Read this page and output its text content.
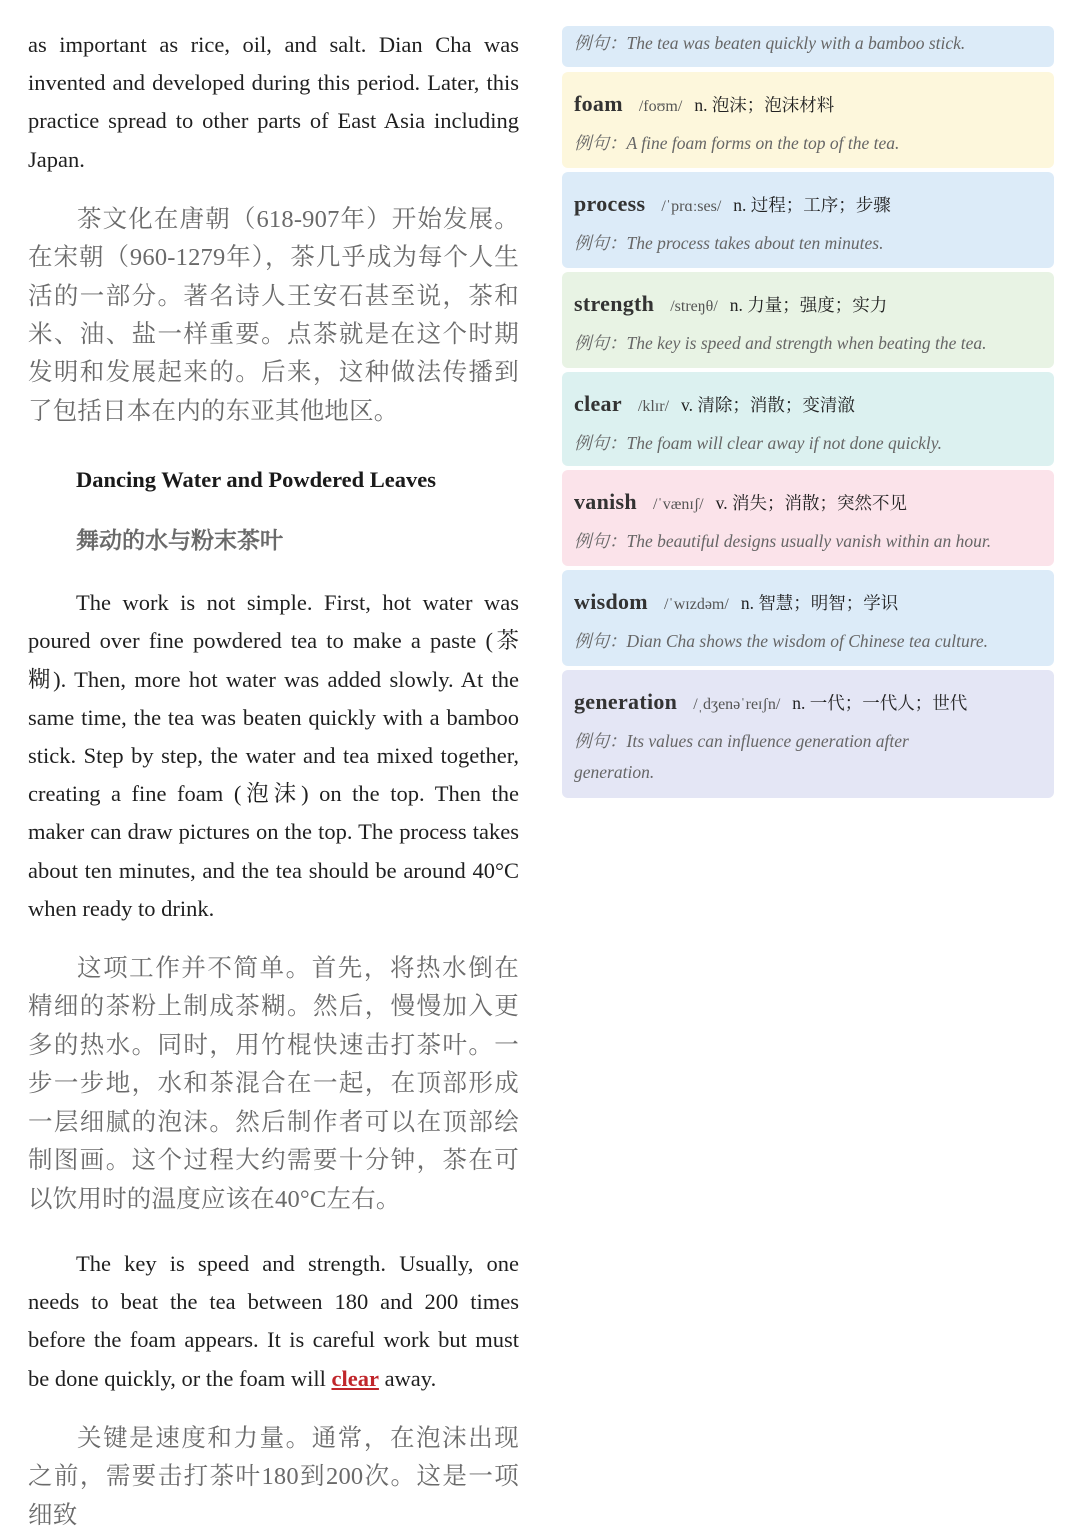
as important as rice, oil, and salt. Dian Cha was invented and developed during this period. Later, this practice spread to other parts of East Asia including Japan.

茶文化在唐朝（618-907年）开始发展。在宋朝（960-1279年），茶几乎成为每个人生活的一部分。著名诗人王安石甚至说，茶和米、油、盐一样重要。点茶就是在这个时期发明和发展起来的。后来，这种做法传播到了包括日本在内的东亚其他地区。

Dancing Water and Powdered Leaves
舞动的水与粉末茶叶

The work is not simple. First, hot water was poured over fine powdered tea to make a paste (茶糊). Then, more hot water was added slowly. At the same time, the tea was beaten quickly with a bamboo stick. Step by step, the water and tea mixed together, creating a fine foam (泡沫) on the top. Then the maker can draw pictures on the top. The process takes about ten minutes, and the tea should be around 40°C when ready to drink.

这项工作并不简单。首先，将热水倒在精细的茶粉上制成茶糊。然后，慢慢加入更多的热水。同时，用竹棍快速击打茶叶。一步一步地，水和茶混合在一起，在顶部形成一层细腻的泡沫。然后制作者可以在顶部绘制图画。这个过程大约需要十分钟，茶在可以饮用时的温度应该在40°C左右。

The key is speed and strength. Usually, one needs to beat the tea between 180 and 200 times before the foam appears. It is careful work but must be done quickly, or the foam will clear away.

关键是速度和力量。通常，在泡沫出现之前，需要击打茶叶180到200次。这是一项细致

例句：The tea was beaten quickly with a bamboo stick.
foam /foʊm/ n. 泡沫；泡沫材料
例句：A fine foam forms on the top of the tea.
process /ˈprɑːses/ n. 过程；工序；步骤
例句：The process takes about ten minutes.
strength /streŋθ/ n. 力量；强度；实力
例句：The key is speed and strength when beating the tea.
clear /klɪr/ v. 清除；消散；变清澈
例句：The foam will clear away if not done quickly.
vanish /ˈvænɪʃ/ v. 消失；消散；突然不见
例句：The beautiful designs usually vanish within an hour.
wisdom /ˈwɪzdəm/ n. 智慧；明智；学识
例句：Dian Cha shows the wisdom of Chinese tea culture.
generation /ˌdʒenəˈreɪʃn/ n. 一代；一代人；世代
例句：Its values can influence generation after generation.
